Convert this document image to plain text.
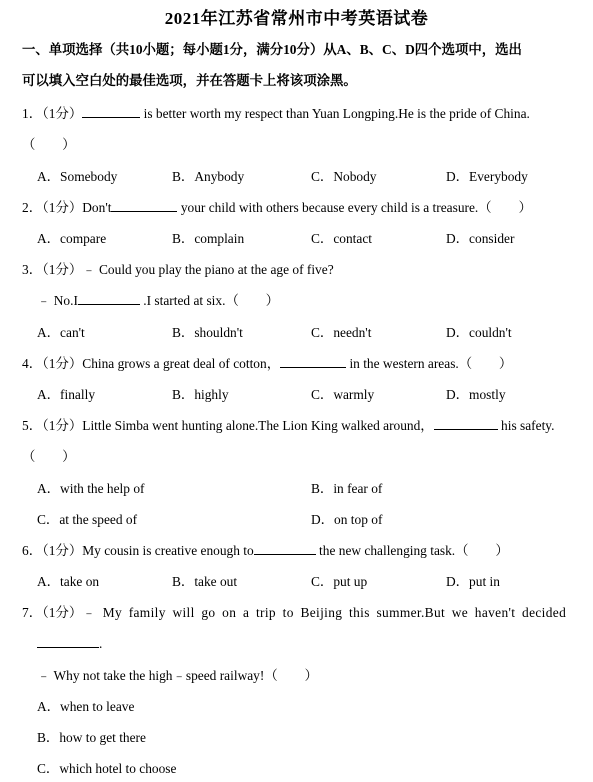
2021年江苏省常州市中考英语试卷
一、单项选择（共10小题；每小题1分，满分10分）从A、B、C、D四个选项中，选出
可以填入空白处的最佳选项，并在答题卡上将该项涂黑。
1．（1分）	is better worth my respect than Yuan Longping.He is the pride of China.
（　　）
A．Somebody	B．Anybody	C．Nobody	D．Everybody
2．（1分）Don't	your child with others because every child is a treasure.（　　）
A．compare	B．complain	C．contact	D．consider
3．（1分）﹣ Could you play the piano at the age of five?
﹣ No.I	.I started at six.（　　）
A．can't	B．shouldn't	C．needn't	D．couldn't
4．（1分）China grows a great deal of cotton，	in the western areas.（　　）
A．finally	B．highly	C．warmly	D．mostly
5．（1分）Little Simba went hunting alone.The Lion King walked around，	his safety.
（　　）
A．with the help of	B．in fear of
C．at the speed of	D．on top of
6．（1分）My cousin is creative enough to	the new challenging task.（　　）
A．take on	B．take out	C．put up	D．put in
7．（1分）﹣ My family will go on a trip to Beijing this summer.But we haven't decided
.
﹣ Why not take the high﹣speed railway!（　　）
A．when to leave
B．how to get there
C．which hotel to choose
